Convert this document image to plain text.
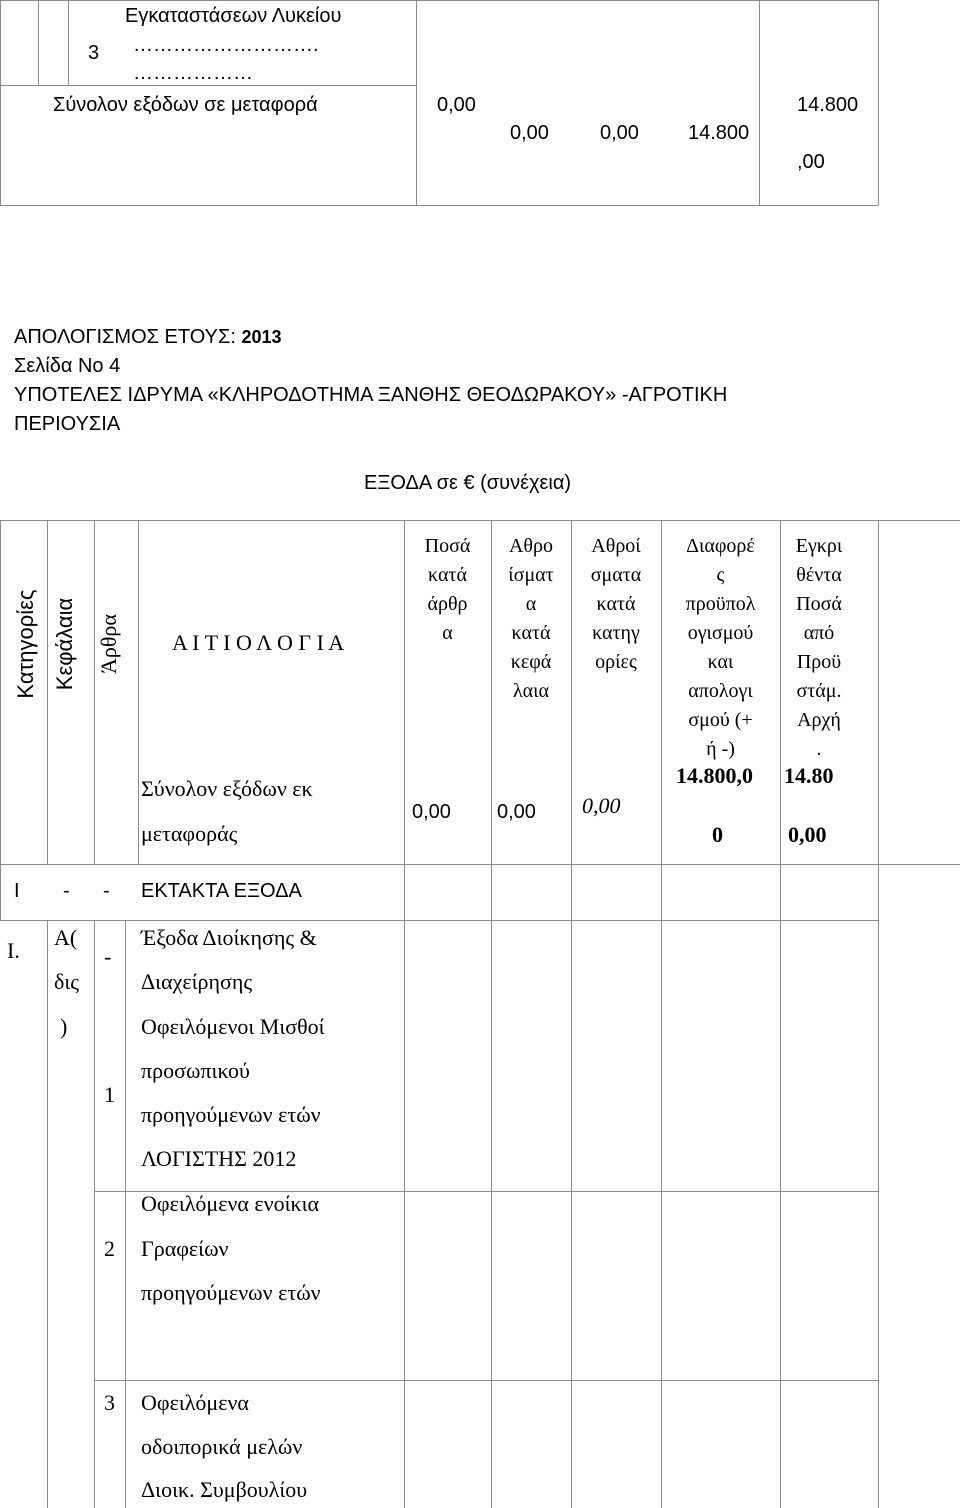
3
Εγκαταστάσεων Λυκείου
……………………….
………………
Σύνολον εξόδων σε μεταφορά	0,00
0,00	0,00 14.800
14.800
,00
ΑΠΟΛΟΓΙΣΜΟΣ ΕΤΟΥΣ: 2013
Σελίδα Νο 4
ΥΠΟΤΕΛΕΣ ΙΔΡΥΜΑ «ΚΛΗΡΟΔΟΤΗΜΑ ΞΑΝΘΗΣ ΘΕΟΔΩΡΑΚΟΥ» -ΑΓΡΟΤΙΚΗ
ΠΕΡΙΟΥΣΙΑ
ΕΞΟΔΑ σε € (συνέχεια)
Κατηγορίες Κεφάλαια Άρθρα Α Ι Τ Ι Ο Λ Ο Γ Ι Α
Ποσά
κατά
άρθρ
α
Αθρο
ίσματ
α
κατά
κεφά
λαια
Αθροί
σματα
κατά
κατηγ
ορίες
Διαφορέ
ς
προϋπολ
ογισμού
και
απολογι
σμού (+
ή -)
Εγκρι
θέντα
Ποσά
από
Προϋ
στάμ.
Αρχή
.
Σύνολον εξόδων εκ
μεταφοράς
0,00 0,00 0,00
14.800,0
0
14.80
0,00
Ι - - ΕΚΤΑΚΤΑ ΕΞΟΔΑ
Ι.
Α(
δις
)
-
Έξοδα Διοίκησης &
Διαχείρησης
1
Οφειλόμενοι Μισθοί
προσωπικού
προηγούμενων ετών
ΛΟΓΙΣΤΗΣ 2012
2
Οφειλόμενα ενοίκια
Γραφείων
προηγούμενων ετών
3 Οφειλόμενα
οδοιπορικά μελών
Διοικ. Συμβουλίου
